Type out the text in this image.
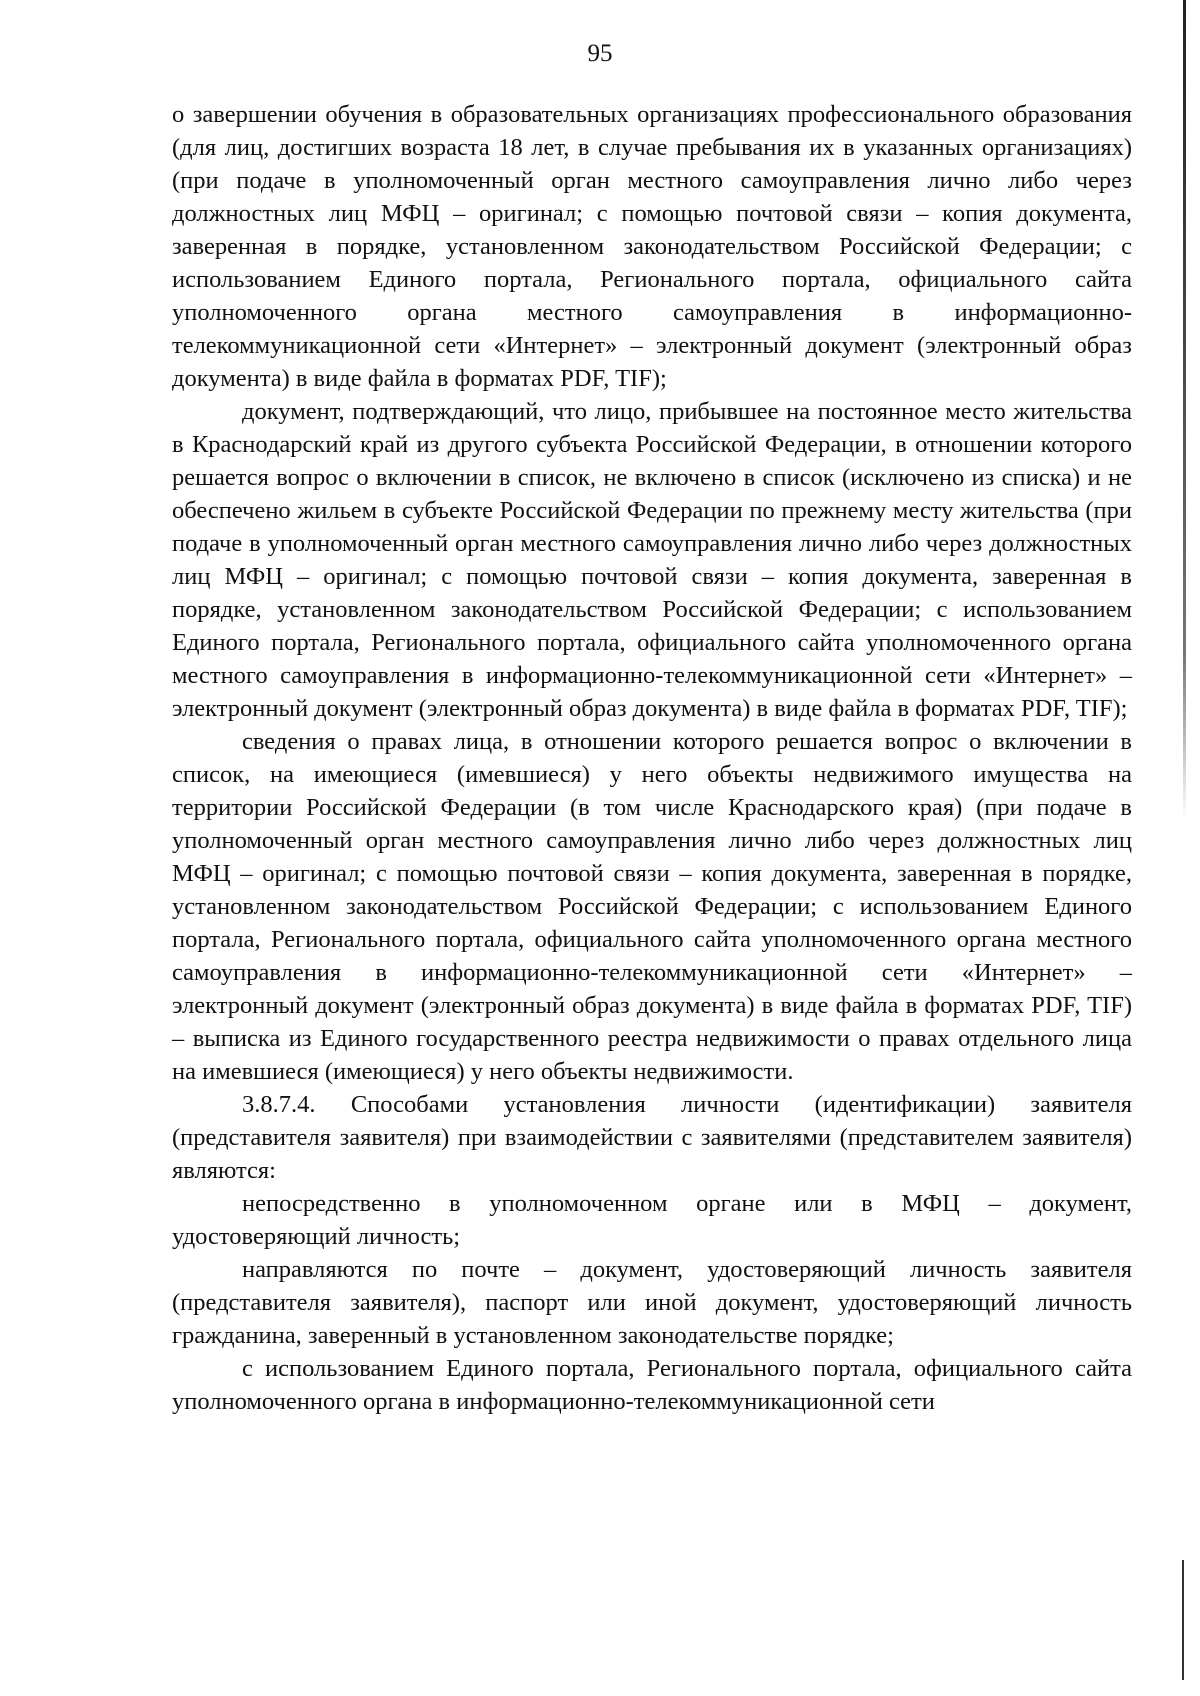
95

о завершении обучения в образовательных организациях профессионального образования (для лиц, достигших возраста 18 лет, в случае пребывания их в указанных организациях) (при подаче в уполномоченный орган местного самоуправления лично либо через должностных лиц МФЦ – оригинал; с помощью почтовой связи – копия документа, заверенная в порядке, установленном законодательством Российской Федерации; с использованием Единого портала, Регионального портала, официального сайта уполномоченного органа местного самоуправления в информационно-телекоммуникационной сети «Интернет» – электронный документ (электронный образ документа) в виде файла в форматах PDF, TIF);

документ, подтверждающий, что лицо, прибывшее на постоянное место жительства в Краснодарский край из другого субъекта Российской Федерации, в отношении которого решается вопрос о включении в список, не включено в список (исключено из списка) и не обеспечено жильем в субъекте Российской Федерации по прежнему месту жительства (при подаче в уполномоченный орган местного самоуправления лично либо через должностных лиц МФЦ – оригинал; с помощью почтовой связи – копия документа, заверенная в порядке, установленном законодательством Российской Федерации; с использованием Единого портала, Регионального портала, официального сайта уполномоченного органа местного самоуправления в информационно-телекоммуникационной сети «Интернет» – электронный документ (электронный образ документа) в виде файла в форматах PDF, TIF);

сведения о правах лица, в отношении которого решается вопрос о включении в список, на имеющиеся (имевшиеся) у него объекты недвижимого имущества на территории Российской Федерации (в том числе Краснодарского края) (при подаче в уполномоченный орган местного самоуправления лично либо через должностных лиц МФЦ – оригинал; с помощью почтовой связи – копия документа, заверенная в порядке, установленном законодательством Российской Федерации; с использованием Единого портала, Регионального портала, официального сайта уполномоченного органа местного самоуправления в информационно-телекоммуникационной сети «Интернет» – электронный документ (электронный образ документа) в виде файла в форматах PDF, TIF) – выписка из Единого государственного реестра недвижимости о правах отдельного лица на имевшиеся (имеющиеся) у него объекты недвижимости.

3.8.7.4. Способами установления личности (идентификации) заявителя (представителя заявителя) при взаимодействии с заявителями (представителем заявителя) являются:

непосредственно в уполномоченном органе или в МФЦ – документ, удостоверяющий личность;

направляются по почте – документ, удостоверяющий личность заявителя (представителя заявителя), паспорт или иной документ, удостоверяющий личность гражданина, заверенный в установленном законодательстве порядке;

с использованием Единого портала, Регионального портала, официального сайта уполномоченного органа в информационно-телекоммуникационной сети
